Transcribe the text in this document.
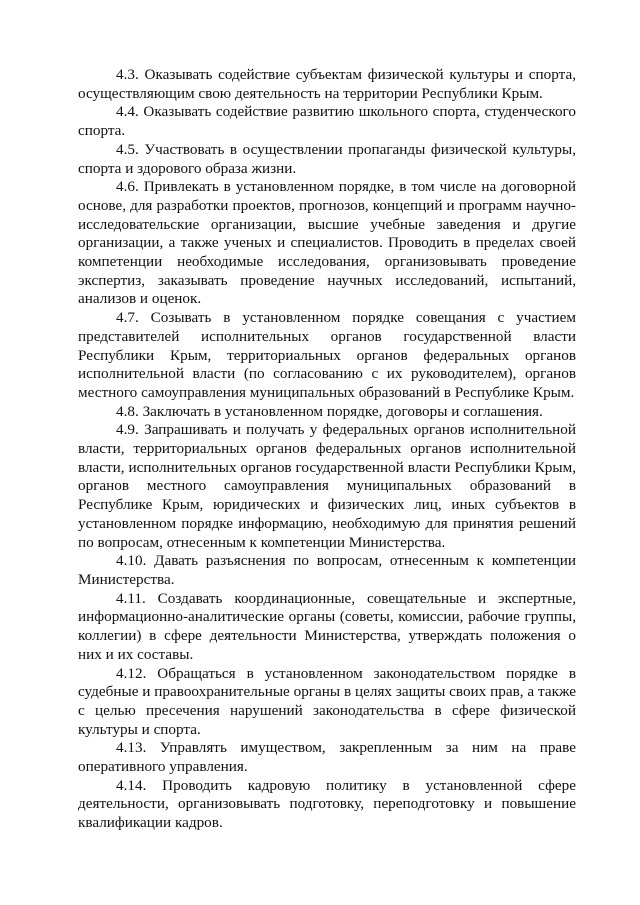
4.3. Оказывать содействие субъектам физической культуры и спорта, осуществляющим свою деятельность на территории Республики Крым.

4.4. Оказывать содействие развитию школьного спорта, студенческого спорта.

4.5. Участвовать в осуществлении пропаганды физической культуры, спорта и здорового образа жизни.

4.6. Привлекать в установленном порядке, в том числе на договорной основе, для разработки проектов, прогнозов, концепций и программ научно-исследовательские организации, высшие учебные заведения и другие организации, а также ученых и специалистов. Проводить в пределах своей компетенции необходимые исследования, организовывать проведение экспертиз, заказывать проведение научных исследований, испытаний, анализов и оценок.

4.7. Созывать в установленном порядке совещания с участием представителей исполнительных органов государственной власти Республики Крым, территориальных органов федеральных органов исполнительной власти (по согласованию с их руководителем), органов местного самоуправления муниципальных образований в Республике Крым.

4.8. Заключать в установленном порядке, договоры и соглашения.

4.9. Запрашивать и получать у федеральных органов исполнительной власти, территориальных органов федеральных органов исполнительной власти, исполнительных органов государственной власти Республики Крым, органов местного самоуправления муниципальных образований в Республике Крым, юридических и физических лиц, иных субъектов в установленном порядке информацию, необходимую для принятия решений по вопросам, отнесенным к компетенции Министерства.

4.10. Давать разъяснения по вопросам, отнесенным к компетенции Министерства.

4.11. Создавать координационные, совещательные и экспертные, информационно-аналитические органы (советы, комиссии, рабочие группы, коллегии) в сфере деятельности Министерства, утверждать положения о них и их составы.

4.12. Обращаться в установленном законодательством порядке в судебные и правоохранительные органы в целях защиты своих прав, а также с целью пресечения нарушений законодательства в сфере физической культуры и спорта.

4.13. Управлять имуществом, закрепленным за ним на праве оперативного управления.

4.14. Проводить кадровую политику в установленной сфере деятельности, организовывать подготовку, переподготовку и повышение квалификации кадров.
